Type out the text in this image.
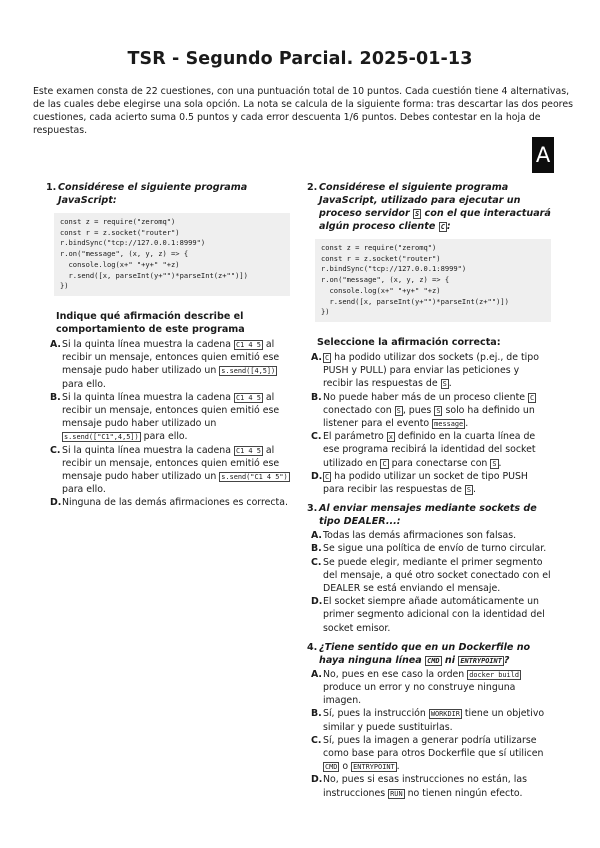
TSR - Segundo Parcial. 2025-01-13

Este examen consta de 22 cuestiones, con una puntuación total de 10 puntos. Cada cuestión tiene 4 alternativas, de las cuales debe elegirse una sola opción. La nota se calcula de la siguiente forma: tras descartar las dos peores cuestiones, cada acierto suma 0.5 puntos y cada error descuenta 1/6 puntos. Debes contestar en la hoja de respuestas.

A
1. Considérese el siguiente programa JavaScript:
const z = require("zeromq")
const r = z.socket("router")
r.bindSync("tcp://127.0.0.1:8999")
r.on("message", (x, y, z) => {
console.log(x+" "+y+" "+z)
r.send([x, parseInt(y+"")*parseInt(z+"")])
})
Indique qué afirmación describe el comportamiento de este programa
A. Si la quinta línea muestra la cadena C1 4 5 al recibir un mensaje, entonces quien emitió ese mensaje pudo haber utilizado un s.send([4,5]) para ello.
B. Si la quinta línea muestra la cadena C1 4 5 al recibir un mensaje, entonces quien emitió ese mensaje pudo haber utilizado un s.send(["C1",4,5]) para ello.
C. Si la quinta línea muestra la cadena C1 4 5 al recibir un mensaje, entonces quien emitió ese mensaje pudo haber utilizado un s.send("C1 4 5") para ello.
D. Ninguna de las demás afirmaciones es correcta.
2. Considérese el siguiente programa JavaScript, utilizado para ejecutar un proceso servidor S con el que interactuará algún proceso cliente C :
const z = require("zeromq")
const r = z.socket("router")
r.bindSync("tcp://127.0.0.1:8999")
r.on("message", (x, y, z) => {
console.log(x+" "+y+" "+z)
r.send([x, parseInt(y+"")*parseInt(z+"")])
})
Seleccione la afirmación correcta:
A. C ha podido utilizar dos sockets (p.ej., de tipo PUSH y PULL) para enviar las peticiones y recibir las respuestas de S .
B. No puede haber más de un proceso cliente C conectado con S , pues S solo ha definido un listener para el evento message .
C. El parámetro x definido en la cuarta línea de ese programa recibirá la identidad del socket utilizado en C para conectarse con S .
D. C ha podido utilizar un socket de tipo PUSH para recibir las respuestas de S .
3. Al enviar mensajes mediante sockets de tipo DEALER...:
A. Todas las demás afirmaciones son falsas.
B. Se sigue una política de envío de turno circular.
C. Se puede elegir, mediante el primer segmento del mensaje, a qué otro socket conectado con el DEALER se está enviando el mensaje.
D. El socket siempre añade automáticamente un primer segmento adicional con la identidad del socket emisor.
4. ¿Tiene sentido que en un Dockerfile no haya ninguna línea CMD ni ENTRYPOINT ?
A. No, pues en ese caso la orden docker build produce un error y no construye ninguna imagen.
B. Sí, pues la instrucción WORKDIR tiene un objetivo similar y puede sustituirlas.
C. Sí, pues la imagen a generar podría utilizarse como base para otros Dockerfile que sí utilicen CMD o ENTRYPOINT .
D. No, pues si esas instrucciones no están, las instrucciones RUN no tienen ningún efecto.
